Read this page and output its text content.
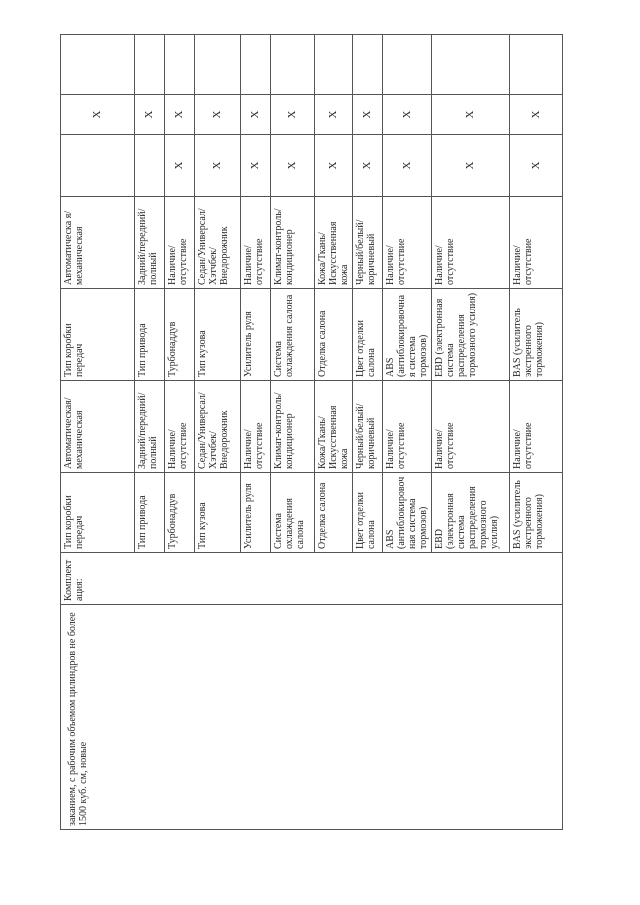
заканием, с рабочим объемом цилиндров не более 1500 куб. см, новые	Комплектация:	Тип коробки передач	Автоматическая/механическая	Тип коробки передач	Автоматическа я/механическая		X	
		Тип привода	Задний/передний/полный	Тип привода	Задний/передний/полный		X	
		Турбонаддув	Наличие/отсутствие	Турбонаддув	Наличие/отсутствие	X	X	
		Тип кузова	Седан/Универсал/ Хэтчбек/ Внедорожник	Тип кузова	Седан/Универсал/ Хэтчбек/ Внедорожник	X	X	
		Усилитель руля	Наличие/отсутствие	Усилитель руля	Наличие/отсутствие	X	X	
		Система охлаждения салона	Климат-контроль/ кондиционер	Система охлаждения салона	Климат-контроль/ кондиционер	X	X	
		Отделка салона	Кожа/Ткань/ Искусственная кожа	Отделка салона	Кожа/Ткань/ Искусственная кожа	X	X	
		Цвет отделки салона	Черный/белый/коричневый	Цвет отделки салона	Черный/белый/ коричневый	X	X	
		ABS (антиблокировочная система тормозов)	Наличие/отсутствие	ABS (антиблокировочная система тормозов)	Наличие/отсутствие	X	X	
		EBD (электронная система распределения тормозного усилия)	Наличие/отсутствие	EBD (электронная система распределения тормозного усилия)	Наличие/отсутствие	X	X	
		BAS (усилитель экстренного торможения)	Наличие/отсутствие	BAS (усилитель экстренного торможения)	Наличие/отсутствие	X	X	
